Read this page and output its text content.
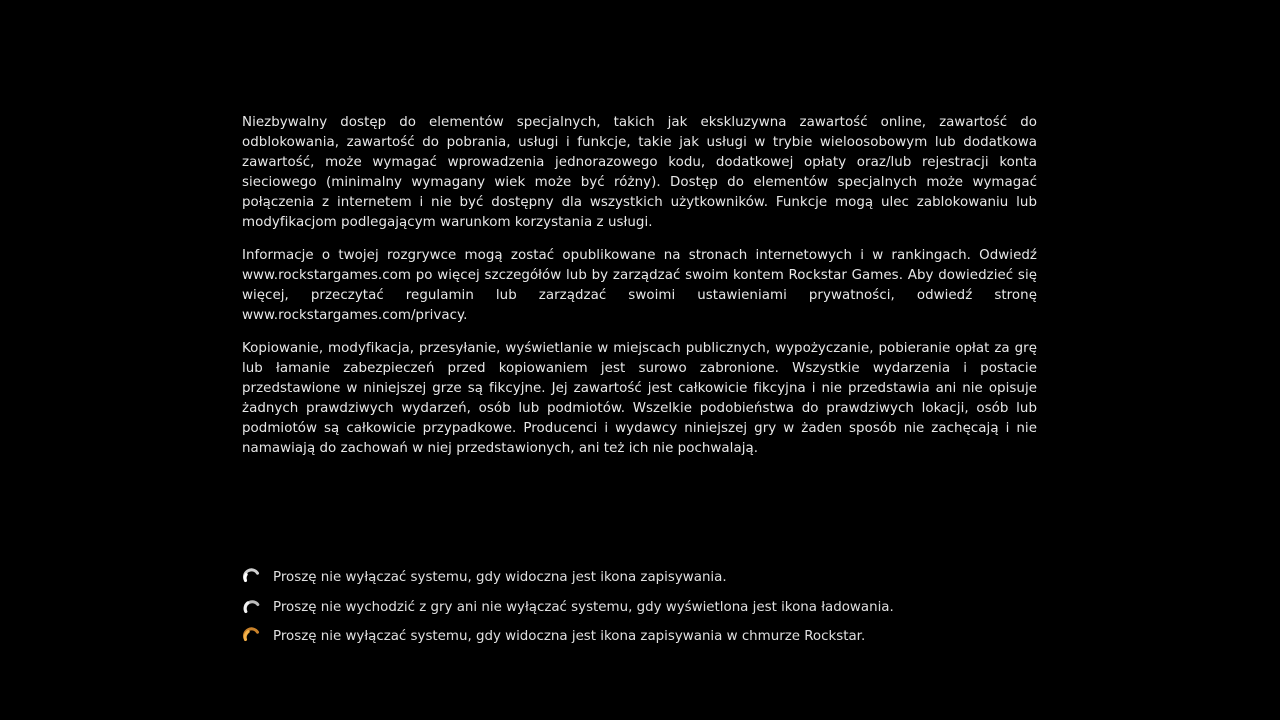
Niezbywalny dostęp do elementów specjalnych, takich jak ekskluzywna zawartość online, zawartość do odblokowania, zawartość do pobrania, usługi i funkcje, takie jak usługi w trybie wieloosobowym lub dodatkowa zawartość, może wymagać wprowadzenia jednorazowego kodu, dodatkowej opłaty oraz/lub rejestracji konta sieciowego (minimalny wymagany wiek może być różny). Dostęp do elementów specjalnych może wymagać połączenia z internetem i nie być dostępny dla wszystkich użytkowników. Funkcje mogą ulec zablokowaniu lub modyfikacjom podlegającym warunkom korzystania z usługi.

Informacje o twojej rozgrywce mogą zostać opublikowane na stronach internetowych i w rankingach. Odwiedź www.rockstargames.com po więcej szczegółów lub by zarządzać swoim kontem Rockstar Games. Aby dowiedzieć się więcej, przeczytać regulamin lub zarządzać swoimi ustawieniami prywatności, odwiedź stronę www.rockstargames.com/privacy.

Kopiowanie, modyfikacja, przesyłanie, wyświetlanie w miejscach publicznych, wypożyczanie, pobieranie opłat za grę lub łamanie zabezpieczeń przed kopiowaniem jest surowo zabronione. Wszystkie wydarzenia i postacie przedstawione w niniejszej grze są fikcyjne. Jej zawartość jest całkowicie fikcyjna i nie przedstawia ani nie opisuje żadnych prawdziwych wydarzeń, osób lub podmiotów. Wszelkie podobieństwa do prawdziwych lokacji, osób lub podmiotów są całkowicie przypadkowe. Producenci i wydawcy niniejszej gry w żaden sposób nie zachęcają i nie namawiają do zachowań w niej przedstawionych, ani też ich nie pochwalają.

Proszę nie wyłączać systemu, gdy widoczna jest ikona zapisywania.
Proszę nie wychodzić z gry ani nie wyłączać systemu, gdy wyświetlona jest ikona ładowania.
Proszę nie wyłączać systemu, gdy widoczna jest ikona zapisywania w chmurze Rockstar.
